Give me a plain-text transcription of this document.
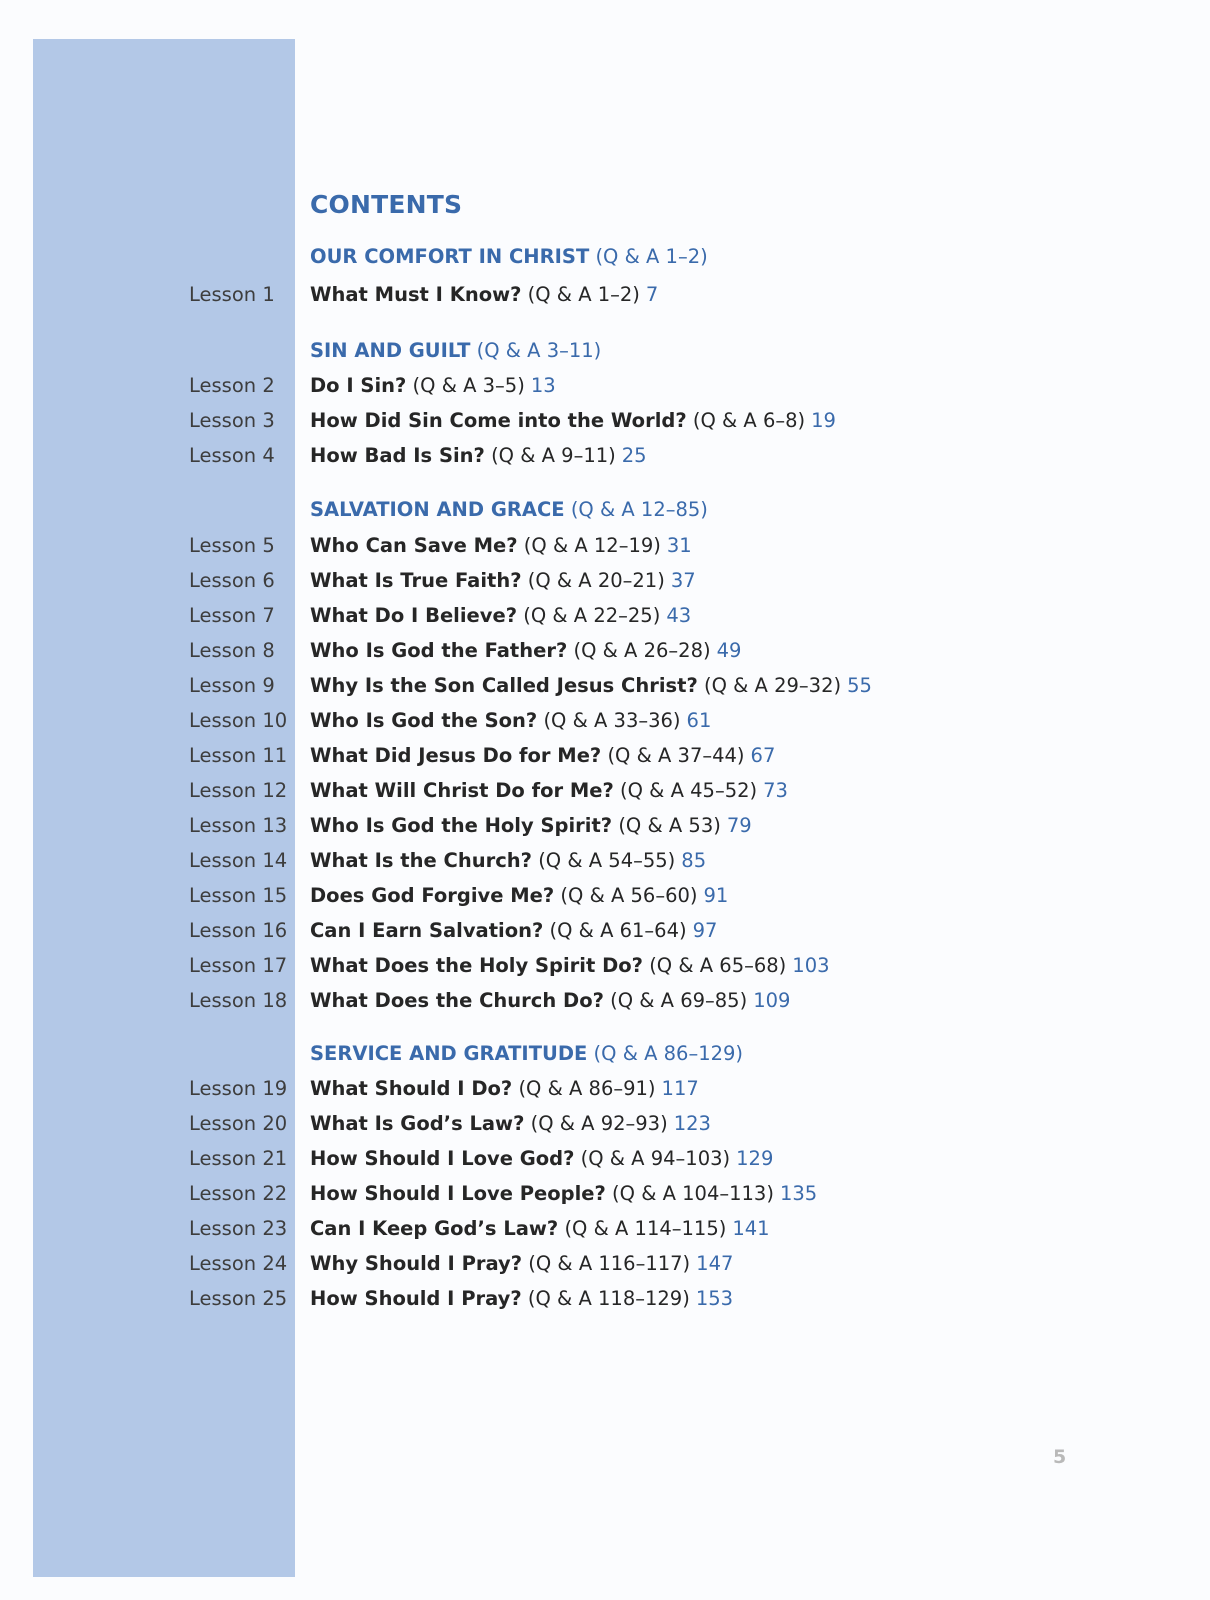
CONTENTS
OUR COMFORT IN CHRIST (Q & A 1–2)
Lesson 1 What Must I Know? (Q & A 1–2) 7
SIN AND GUILT (Q & A 3–11)
Lesson 2 Do I Sin? (Q & A 3–5) 13
Lesson 3 How Did Sin Come into the World? (Q & A 6–8) 19
Lesson 4 How Bad Is Sin? (Q & A 9–11) 25
SALVATION AND GRACE (Q & A 12–85)
Lesson 5 Who Can Save Me? (Q & A 12–19) 31
Lesson 6 What Is True Faith? (Q & A 20–21) 37
Lesson 7 What Do I Believe? (Q & A 22–25) 43
Lesson 8 Who Is God the Father? (Q & A 26–28) 49
Lesson 9 Why Is the Son Called Jesus Christ? (Q & A 29–32) 55
Lesson 10 Who Is God the Son? (Q & A 33–36) 61
Lesson 11 What Did Jesus Do for Me? (Q & A 37–44) 67
Lesson 12 What Will Christ Do for Me? (Q & A 45–52) 73
Lesson 13 Who Is God the Holy Spirit? (Q & A 53) 79
Lesson 14 What Is the Church? (Q & A 54–55) 85
Lesson 15 Does God Forgive Me? (Q & A 56–60) 91
Lesson 16 Can I Earn Salvation? (Q & A 61–64) 97
Lesson 17 What Does the Holy Spirit Do? (Q & A 65–68) 103
Lesson 18 What Does the Church Do? (Q & A 69–85) 109
SERVICE AND GRATITUDE (Q & A 86–129)
Lesson 19 What Should I Do? (Q & A 86–91) 117
Lesson 20 What Is God’s Law? (Q & A 92–93) 123
Lesson 21 How Should I Love God? (Q & A 94–103) 129
Lesson 22 How Should I Love People? (Q & A 104–113) 135
Lesson 23 Can I Keep God’s Law? (Q & A 114–115) 141
Lesson 24 Why Should I Pray? (Q & A 116–117) 147
Lesson 25 How Should I Pray? (Q & A 118–129) 153
5
